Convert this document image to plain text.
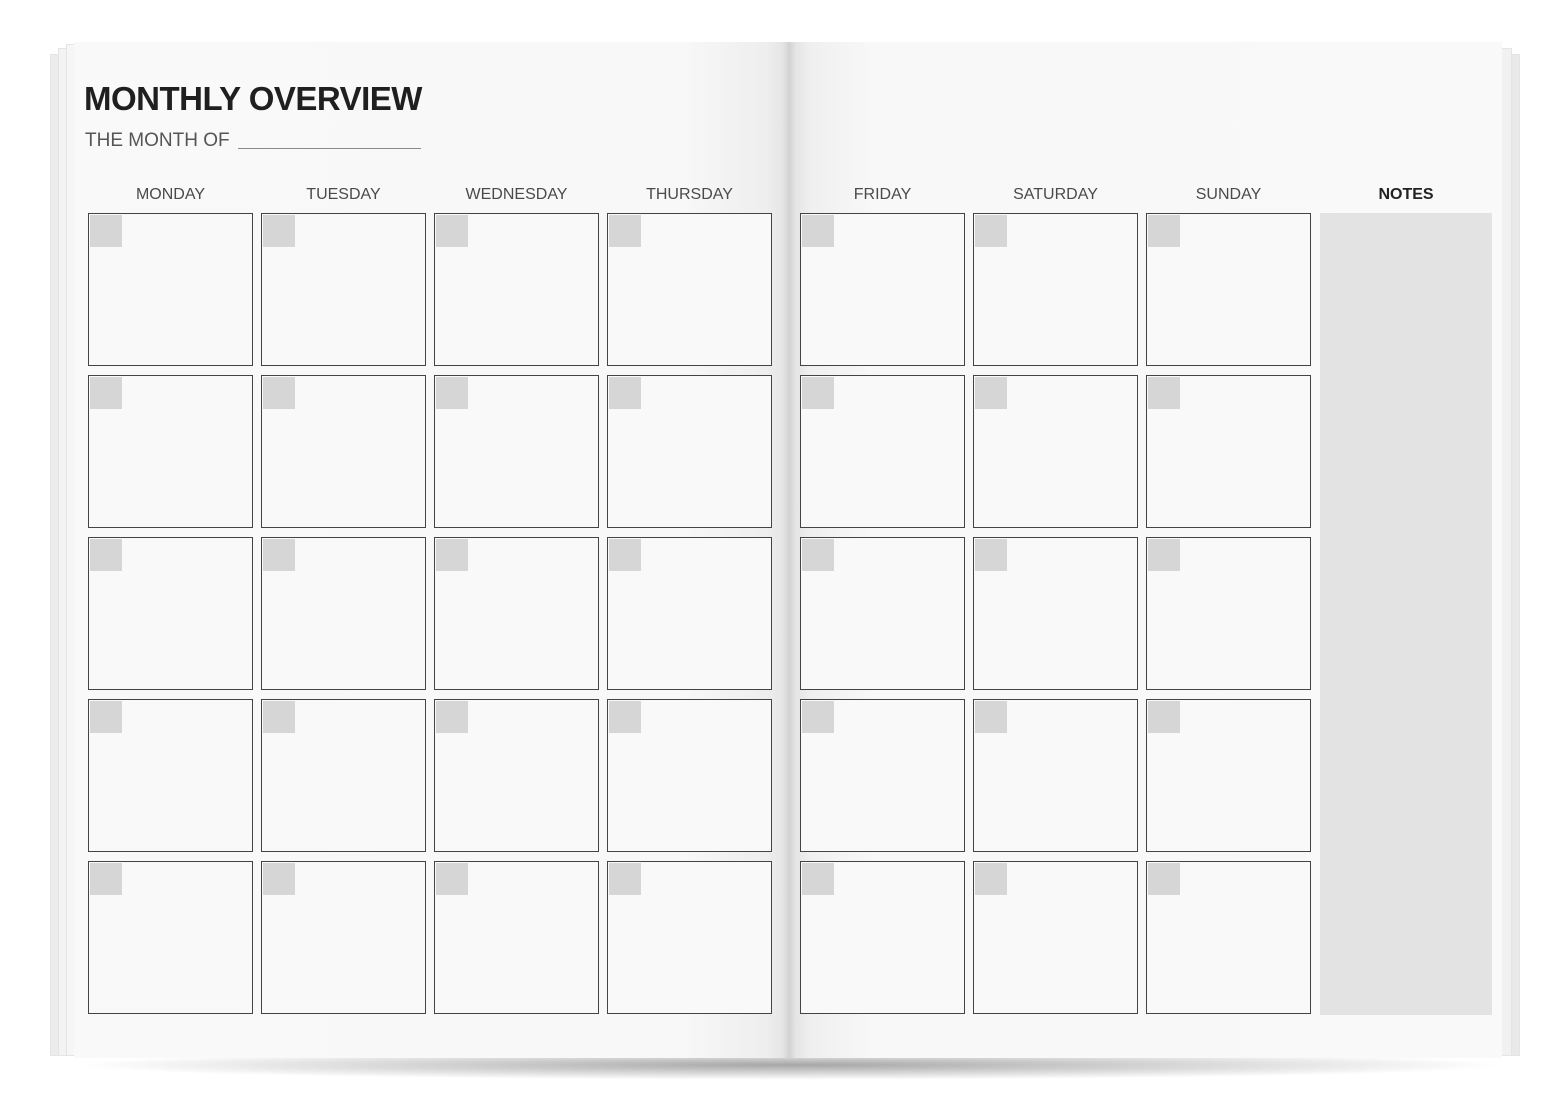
MONTHLY OVERVIEW
THE MONTH OF
MONDAY	TUESDAY	WEDNESDAY	THURSDAY	FRIDAY	SATURDAY	SUNDAY	NOTES
